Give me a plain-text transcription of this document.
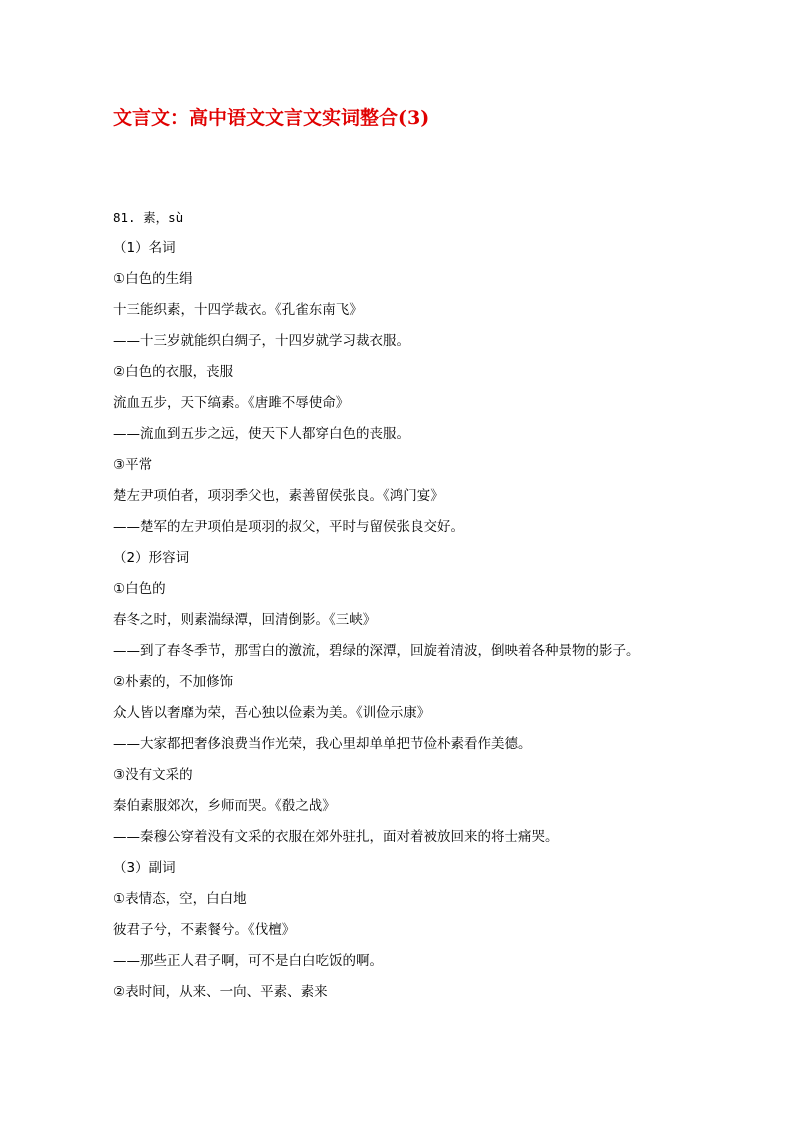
文言文：高中语文文言文实词整合(3)
81. 素，sù
（1）名词
①白色的生绢
十三能织素，十四学裁衣。《孔雀东南飞》
——十三岁就能织白绸子，十四岁就学习裁衣服。
②白色的衣服，丧服
流血五步，天下缟素。《唐雎不辱使命》
——流血到五步之远，使天下人都穿白色的丧服。
③平常
楚左尹项伯者，项羽季父也，素善留侯张良。《鸿门宴》
——楚军的左尹项伯是项羽的叔父，平时与留侯张良交好。
（2）形容词
①白色的
春冬之时，则素湍绿潭，回清倒影。《三峡》
——到了春冬季节，那雪白的激流，碧绿的深潭，回旋着清波，倒映着各种景物的影子。
②朴素的，不加修饰
众人皆以奢靡为荣，吾心独以俭素为美。《训俭示康》
——大家都把奢侈浪费当作光荣，我心里却单单把节俭朴素看作美德。
③没有文采的
秦伯素服郊次，乡师而哭。《殽之战》
——秦穆公穿着没有文采的衣服在郊外驻扎，面对着被放回来的将士痛哭。
（3）副词
①表情态，空，白白地
彼君子兮，不素餐兮。《伐檀》
——那些正人君子啊，可不是白白吃饭的啊。
②表时间，从来、一向、平素、素来
